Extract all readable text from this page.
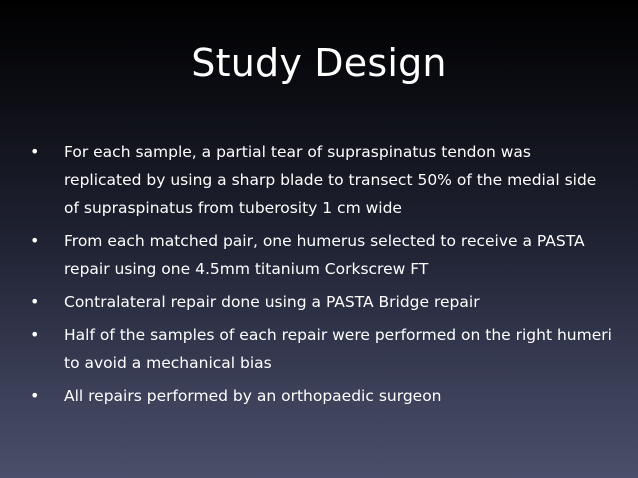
Study Design
• For each sample, a partial tear of supraspinatus tendon was replicated by using a sharp blade to transect 50% of the medial side of supraspinatus from tuberosity 1 cm wide
• From each matched pair, one humerus selected to receive a PASTA repair using one 4.5mm titanium Corkscrew FT
• Contralateral repair done using a PASTA Bridge repair
• Half of the samples of each repair were performed on the right humeri to avoid a mechanical bias
• All repairs performed by an orthopaedic surgeon
